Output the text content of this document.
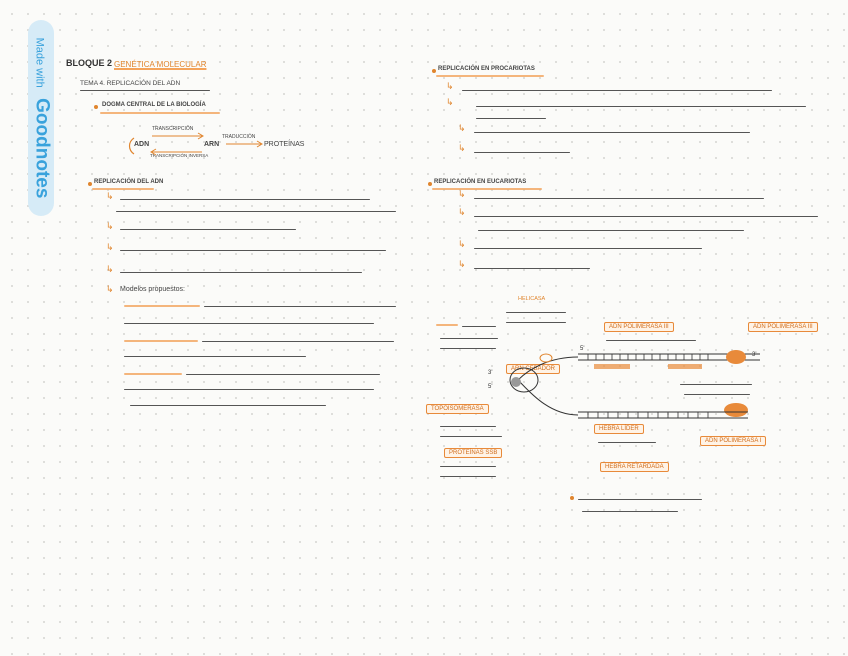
Made with Goodnotes
BLOQUE 2 GENÉTICA MOLECULAR
TEMA 4. REPLICACIÓN DEL ADN
DOGMA CENTRAL DE LA BIOLOGÍA
ADN	ARN
TRANSCRIPCIÓN
TRADUCCIÓN
PROTEÍNAS
TRANSCRIPCIÓN INVERSA
REPLICACIÓN DEL ADN
↳
↳
↳
↳
↳ Modelos propuestos:
REPLICACIÓN EN PROCARIOTAS
↳
↳
↳
↳
REPLICACIÓN EN EUCARIOTAS
↳
↳
↳
↳
HELICASA
ADN POLIMERASA III
ARN CEBADOR
TOPOISOMERASA
PROTEÍNAS SSB
5'
3'
3'
5'
HEBRA LÍDER
HEBRA RETARDADA
ADN POLIMERASA I
ADN POLIMERASA III
